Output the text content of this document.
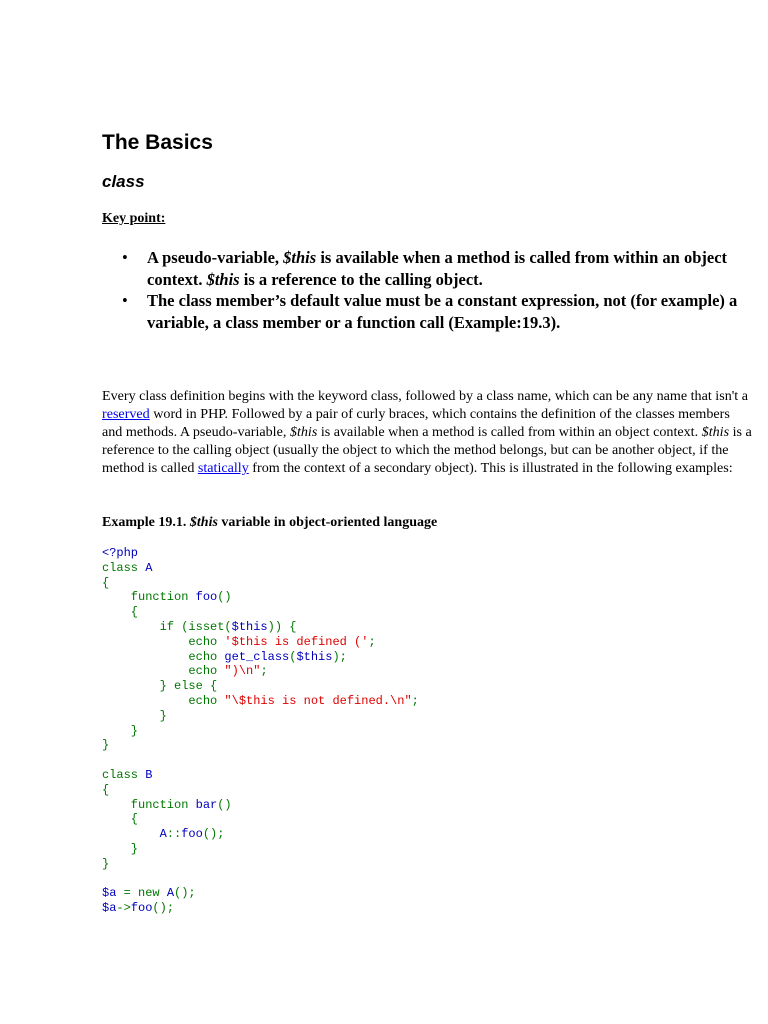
The Basics
class
Key point:
• A pseudo-variable, $this is available when a method is called from within an object context. $this is a reference to the calling object.
• The class member’s default value must be a constant expression, not (for example) a variable, a class member or a function call (Example:19.3).
Every class definition begins with the keyword class, followed by a class name, which can be any name that isn't a reserved word in PHP. Followed by a pair of curly braces, which contains the definition of the classes members and methods. A pseudo-variable, $this is available when a method is called from within an object context. $this is a reference to the calling object (usually the object to which the method belongs, but can be another object, if the method is called statically from the context of a secondary object). This is illustrated in the following examples:
Example 19.1. $this variable in object-oriented language
<?php
class A
{
function foo()
{
if (isset($this)) {
echo '$this is defined (';
echo get_class($this);
echo ")\n";
} else {
echo "\$this is not defined.\n";
}
}
}

class B
{
function bar()
{
A::foo();
}
}

$a = new A();
$a->foo();
